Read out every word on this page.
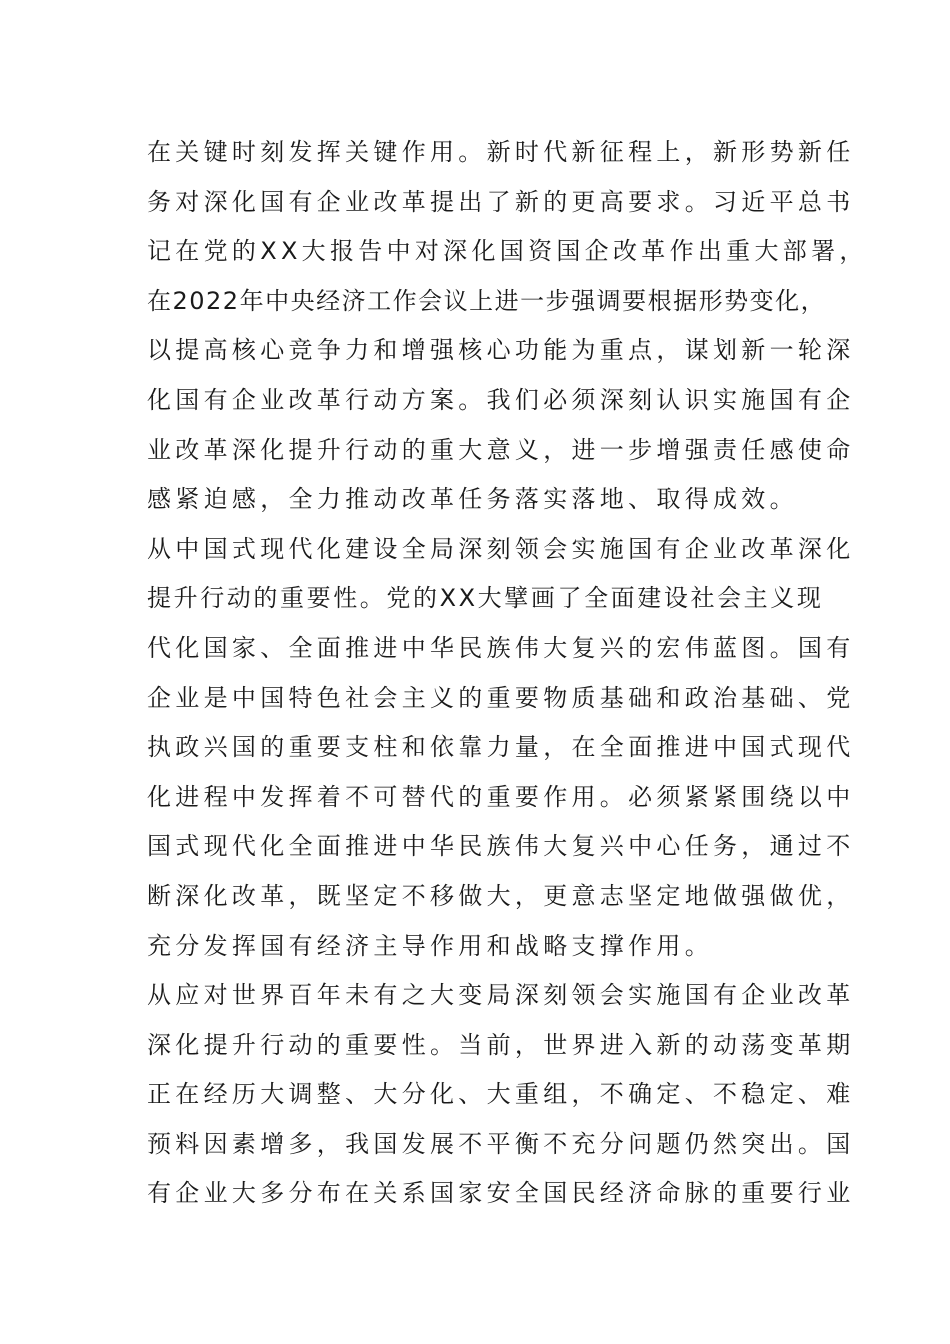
在关键时刻发挥关键作用。新时代新征程上，新形势新任
务对深化国有企业改革提出了新的更高要求。习近平总书
记在党的XX大报告中对深化国资国企改革作出重大部署，
在2022年中央经济工作会议上进一步强调要根据形势变化，
以提高核心竞争力和增强核心功能为重点，谋划新一轮深
化国有企业改革行动方案。我们必须深刻认识实施国有企
业改革深化提升行动的重大意义，进一步增强责任感使命
感紧迫感，全力推动改革任务落实落地、取得成效。
从中国式现代化建设全局深刻领会实施国有企业改革深化
提升行动的重要性。党的XX大擘画了全面建设社会主义现
代化国家、全面推进中华民族伟大复兴的宏伟蓝图。国有
企业是中国特色社会主义的重要物质基础和政治基础、党
执政兴国的重要支柱和依靠力量，在全面推进中国式现代
化进程中发挥着不可替代的重要作用。必须紧紧围绕以中
国式现代化全面推进中华民族伟大复兴中心任务，通过不
断深化改革，既坚定不移做大，更意志坚定地做强做优，
充分发挥国有经济主导作用和战略支撑作用。
从应对世界百年未有之大变局深刻领会实施国有企业改革
深化提升行动的重要性。当前，世界进入新的动荡变革期
正在经历大调整、大分化、大重组，不确定、不稳定、难
预料因素增多，我国发展不平衡不充分问题仍然突出。国
有企业大多分布在关系国家安全国民经济命脉的重要行业
